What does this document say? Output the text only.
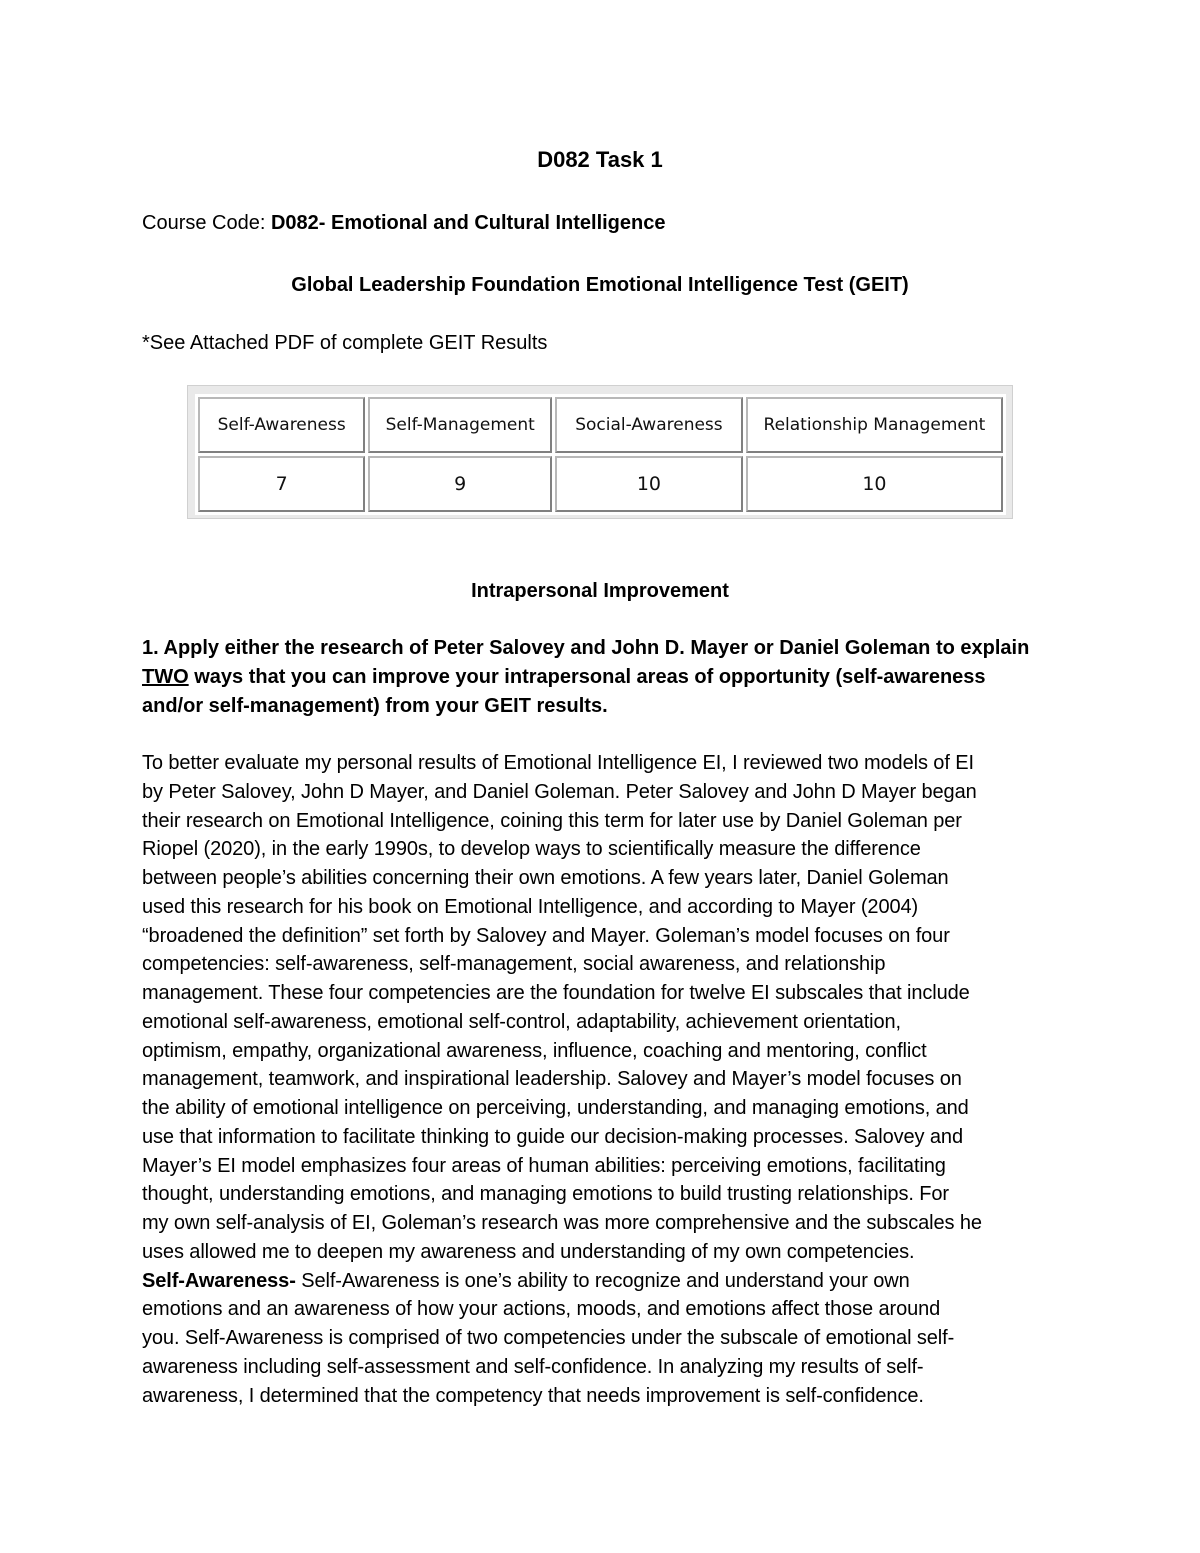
D082 Task 1
Course Code: D082- Emotional and Cultural Intelligence
Global Leadership Foundation Emotional Intelligence Test (GEIT)
*See Attached PDF of complete GEIT Results
Self-Awareness	Self-Management	Social-Awareness	Relationship Management
7	9	10	10
Intrapersonal Improvement
1. Apply either the research of Peter Salovey and John D. Mayer or Daniel Goleman to explain
TWO ways that you can improve your intrapersonal areas of opportunity (self-awareness
and/or self-management) from your GEIT results.
To better evaluate my personal results of Emotional Intelligence EI, I reviewed two models of EI
by Peter Salovey, John D Mayer, and Daniel Goleman. Peter Salovey and John D Mayer began
their research on Emotional Intelligence, coining this term for later use by Daniel Goleman per
Riopel (2020), in the early 1990s, to develop ways to scientifically measure the difference
between people’s abilities concerning their own emotions. A few years later, Daniel Goleman
used this research for his book on Emotional Intelligence, and according to Mayer (2004)
“broadened the definition” set forth by Salovey and Mayer. Goleman’s model focuses on four
competencies: self-awareness, self-management, social awareness, and relationship
management. These four competencies are the foundation for twelve EI subscales that include
emotional self-awareness, emotional self-control, adaptability, achievement orientation,
optimism, empathy, organizational awareness, influence, coaching and mentoring, conflict
management, teamwork, and inspirational leadership. Salovey and Mayer’s model focuses on
the ability of emotional intelligence on perceiving, understanding, and managing emotions, and
use that information to facilitate thinking to guide our decision-making processes. Salovey and
Mayer’s EI model emphasizes four areas of human abilities: perceiving emotions, facilitating
thought, understanding emotions, and managing emotions to build trusting relationships. For
my own self-analysis of EI, Goleman’s research was more comprehensive and the subscales he
uses allowed me to deepen my awareness and understanding of my own competencies.
Self-Awareness- Self-Awareness is one’s ability to recognize and understand your own
emotions and an awareness of how your actions, moods, and emotions affect those around
you. Self-Awareness is comprised of two competencies under the subscale of emotional self-
awareness including self-assessment and self-confidence. In analyzing my results of self-
awareness, I determined that the competency that needs improvement is self-confidence.
